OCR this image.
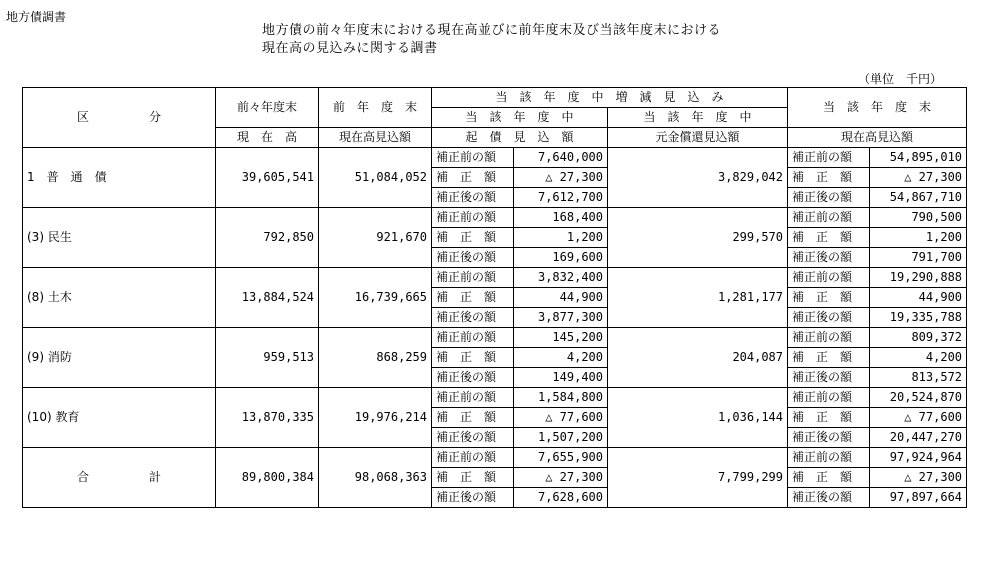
地方債調書
地方債の前々年度末における現在高並びに前年度末及び当該年度末における
現在高の見込みに関する調書
（単位　千円）
区　　　　　分	前々年度末	前　年　度　末	当　該　年　度　中　増　減　見　込　み			当　該　年　度　末	
			当　該　年　度　中		当　該　年　度　中		
	現　在　高	現在高見込額	起　債　見　込　額		元金償還見込額	現在高見込額	
1　普　通　債	39,605,541	51,084,052	補正前の額	7,640,000	3,829,042	補正前の額	54,895,010
			補　正　額	△ 27,300		補　正　額	△ 27,300
			補正後の額	7,612,700		補正後の額	54,867,710
(3) 民生	792,850	921,670	補正前の額	168,400	299,570	補正前の額	790,500
			補　正　額	1,200		補　正　額	1,200
			補正後の額	169,600		補正後の額	791,700
(8) 土木	13,884,524	16,739,665	補正前の額	3,832,400	1,281,177	補正前の額	19,290,888
			補　正　額	44,900		補　正　額	44,900
			補正後の額	3,877,300		補正後の額	19,335,788
(9) 消防	959,513	868,259	補正前の額	145,200	204,087	補正前の額	809,372
			補　正　額	4,200		補　正　額	4,200
			補正後の額	149,400		補正後の額	813,572
(10) 教育	13,870,335	19,976,214	補正前の額	1,584,800	1,036,144	補正前の額	20,524,870
			補　正　額	△ 77,600		補　正　額	△ 77,600
			補正後の額	1,507,200		補正後の額	20,447,270
合　　　　　計	89,800,384	98,068,363	補正前の額	7,655,900	7,799,299	補正前の額	97,924,964
			補　正　額	△ 27,300		補　正　額	△ 27,300
			補正後の額	7,628,600		補正後の額	97,897,664
